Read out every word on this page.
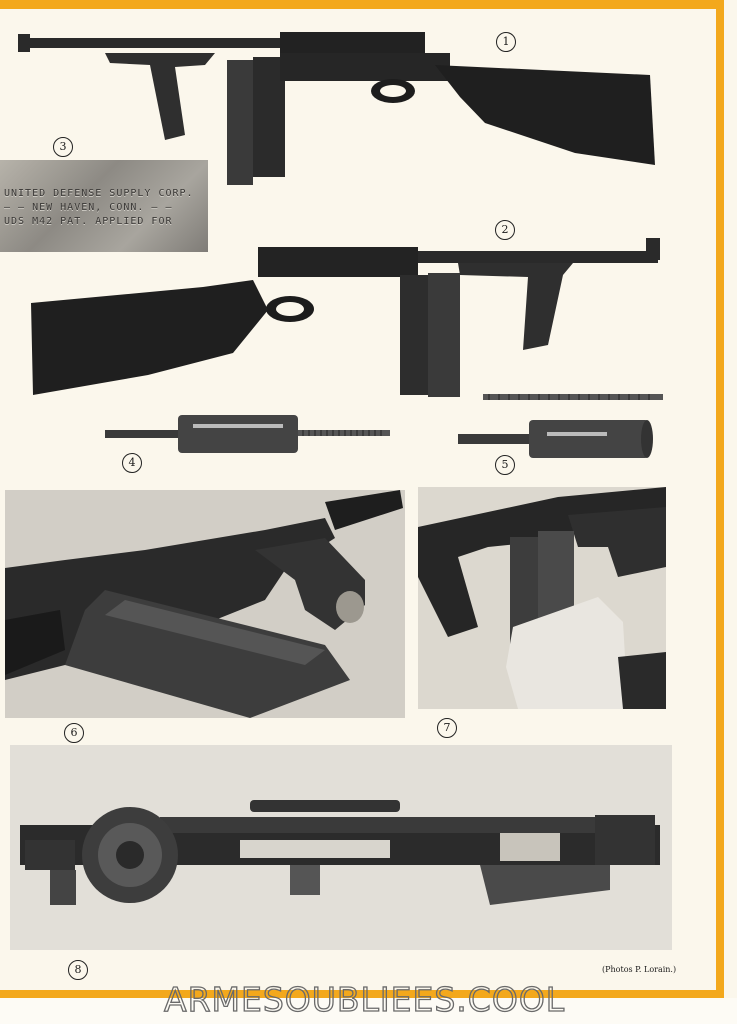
1
3
UNITED DEFENSE SUPPLY CORP.
— — NEW HAVEN, CONN. — —
UDS M42 PAT. APPLIED FOR
2
4	5
6	7
8	(Photos P. Lorain.)
ARMESOUBLIEES.COOL
